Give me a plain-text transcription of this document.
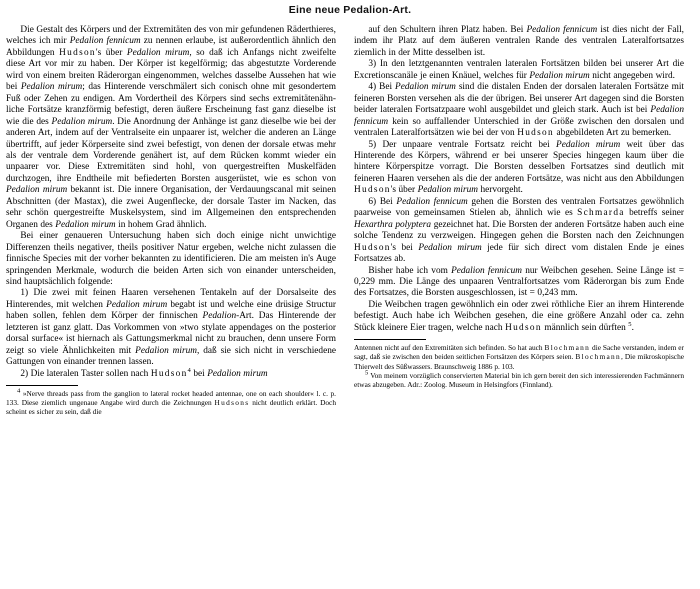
Eine neue Pedalion-Art.

Die Gestalt des Körpers und der Extremitäten des von mir gefundenen Räderthieres, welches ich mir Pedalion fennicum zu nennen erlaube, ist außerordentlich ähnlich den Abbildungen Hudson's über Pedalion mirum, so daß ich Anfangs nicht zweifelte diese Art vor mir zu haben. Der Körper ist kegelförmig; das abgestutzte Vorderende wird von einem breiten Räderorgan eingenommen, welches dasselbe Aussehen hat wie bei Pedalion mirum; das Hinterende verschmälert sich conisch ohne mit gesondertem Fuß oder Zehen zu endigen. Am Vordertheil des Körpers sind sechs extremitätenähnliche Fortsätze kranzförmig befestigt, deren äußere Erscheinung fast ganz dieselbe ist wie die des Pedalion mirum. Die Anordnung der Anhänge ist ganz dieselbe wie bei der anderen Art, indem auf der Ventralseite ein unpaarer ist, welcher die anderen an Länge übertrifft, auf jeder Körperseite sind zwei befestigt, von denen der dorsale etwas mehr als der ventrale dem Vorderende genähert ist, auf dem Rücken kommt wieder ein unpaarer vor. Diese Extremitäten sind hohl, von quergestreiften Muskelfäden durchzogen, ihre Endtheile mit befiederten Borsten ausgerüstet, wie es schon von Pedalion mirum bekannt ist. Die innere Organisation, der Verdauungscanal mit seinen Abschnitten (der Mastax), die zwei Augenflecke, der dorsale Taster im Nacken, das sehr schön quergestreifte Muskelsystem, sind im Allgemeinen den entsprechenden Organen des Pedalion mirum in hohem Grad ähnlich.

Bei einer genaueren Untersuchung haben sich doch einige nicht unwichtige Differenzen theils negativer, theils positiver Natur ergeben, welche nicht zulassen die finnische Species mit der vorher bekannten zu identificieren. Die am meisten in's Auge springenden Merkmale, wodurch die beiden Arten sich von einander unterscheiden, sind hauptsächlich folgende:

1) Die zwei mit feinen Haaren versehenen Tentakeln auf der Dorsalseite des Hinterendes, mit welchen Pedalion mirum begabt ist und welche eine drüsige Structur haben sollen, fehlen dem Körper der finnischen Pedalion-Art. Das Hinterende der letzteren ist ganz glatt. Das Vorkommen von »two stylate appendages on the posterior dorsal surface« ist hiernach als Gattungsmerkmal nicht zu brauchen, denn unsere Form zeigt so viele Ähnlichkeiten mit Pedalion mirum, daß sie sich nicht in verschiedene Gattungen von einander trennen lassen.

2) Die lateralen Taster sollen nach Hudson$^4$ bei Pedalion mirum

$^4$ »Nerve threads pass from the ganglion to lateral rocket headed antennae, one on each shoulder« l. c. p. 133. Diese ziemlich ungenaue Angabe wird durch die Zeichnungen Hudsons nicht deutlich erklärt. Doch scheint es sicher zu sein, daß die

auf den Schultern ihren Platz haben. Bei Pedalion fennicum ist dies nicht der Fall, indem ihr Platz auf dem äußeren ventralen Rande des ventralen Lateralfortsatzes ziemlich in der Mitte desselben ist.

3) In den letztgenannten ventralen lateralen Fortsätzen bilden bei unserer Art die Excretionscanäle je einen Knäuel, welches für Pedalion mirum nicht angegeben wird.

4) Bei Pedalion mirum sind die distalen Enden der dorsalen lateralen Fortsätze mit feineren Borsten versehen als die der übrigen. Bei unserer Art dagegen sind die Borsten beider lateralen Fortsatzpaare wohl ausgebildet und gleich stark. Auch ist bei Pedalion fennicum kein so auffallender Unterschied in der Größe zwischen den dorsalen und ventralen Lateralfortsätzen wie bei der von Hudson abgebildeten Art zu bemerken.

5) Der unpaare ventrale Fortsatz reicht bei Pedalion mirum weit über das Hinterende des Körpers, während er bei unserer Species hingegen kaum über die hintere Körperspitze vorragt. Die Borsten desselben Fortsatzes sind deutlich mit feineren Haaren versehen als die der anderen Fortsätze, was nicht aus den Abbildungen Hudson's über Pedalion mirum hervorgeht.

6) Bei Pedalion fennicum gehen die Borsten des ventralen Fortsatzes gewöhnlich paarweise von gemeinsamen Stielen ab, ähnlich wie es Schmarda betreffs seiner Hexarthra polyptera gezeichnet hat. Die Borsten der anderen Fortsätze haben auch eine solche Tendenz zu verzweigen. Hingegen gehen die Borsten nach den Zeichnungen Hudson's bei Pedalion mirum jede für sich direct vom distalen Ende je eines Fortsatzes ab.

Bisher habe ich vom Pedalion fennicum nur Weibchen gesehen. Seine Länge ist = 0,229 mm. Die Länge des unpaaren Ventralfortsatzes vom Räderorgan bis zum Ende des Fortsatzes, die Borsten ausgeschlossen, ist = 0,243 mm.

Die Weibchen tragen gewöhnlich ein oder zwei röthliche Eier an ihrem Hinterende befestigt. Auch habe ich Weibchen gesehen, die eine größere Anzahl oder ca. zehn Stück kleinere Eier tragen, welche nach Hudson männlich sein dürften $^5$.

Antennen nicht auf den Extremitäten sich befinden. So hat auch Blochmann die Sache verstanden, indem er sagt, daß sie zwischen den beiden seitlichen Fortsätzen des Körpers seien. Blochmann, Die mikroskopische Thierwelt des Süßwassers. Braunschweig 1886 p. 103.

$^5$ Von meinem vorzüglich conservierten Material bin ich gern bereit den sich interessierenden Fachmännern etwas abzugeben. Adr.: Zoolog. Museum in Helsingfors (Finnland).
